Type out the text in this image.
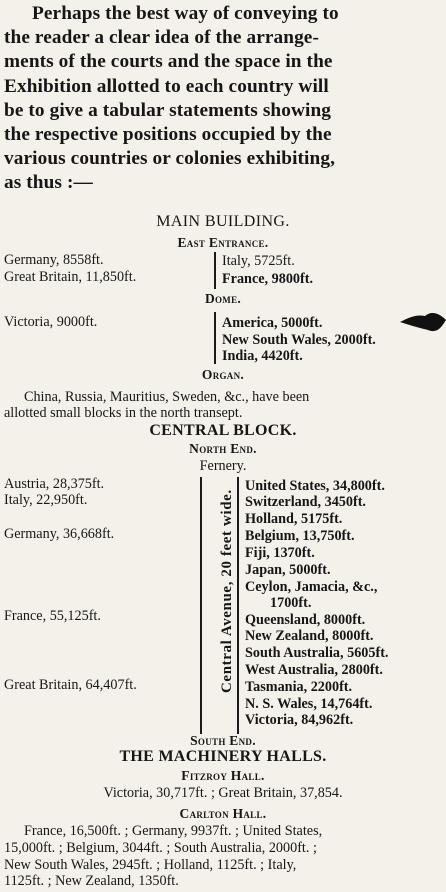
Perhaps the best way of conveying to
the reader a clear idea of the arrange-
ments of the courts and the space in the
Exhibition allotted to each country will
be to give a tabular statements showing
the respective positions occupied by the
various countries or colonies exhibiting,
as thus :—
MAIN BUILDING.
East Entrance.
Germany, 8558ft.
Great Britain, 11,850ft.
Italy, 5725ft.
France, 9800ft.
Dome.
Victoria, 9000ft.	America, 5000ft.
New South Wales, 2000ft.
India, 4420ft.
Organ.
China, Russia, Mauritius, Sweden, &c., have been
allotted small blocks in the north transept.
CENTRAL BLOCK.
North End.
Fernery.
Central Avenue, 20 feet wide.
Austria, 28,375ft.
Italy, 22,950ft.
Germany, 36,668ft.
France, 55,125ft.
Great Britain, 64,407ft.
United States, 34,800ft.
Switzerland, 3450ft.
Holland, 5175ft.
Belgium, 13,750ft.
Fiji, 1370ft.
Japan, 5000ft.
Ceylon, Jamacia, &c.,
1700ft.
Queensland, 8000ft.
New Zealand, 8000ft.
South Australia, 5605ft.
West Australia, 2800ft.
Tasmania, 2200ft.
N. S. Wales, 14,764ft.
Victoria, 84,962ft.
South End.
THE MACHINERY HALLS.
Fitzroy Hall.
Victoria, 30,717ft. ; Great Britain, 37,854.
Carlton Hall.
France, 16,500ft. ; Germany, 9937ft. ; United States,
15,000ft. ; Belgium, 3044ft. ; South Australia, 2000ft. ;
New South Wales, 2945ft. ; Holland, 1125ft. ; Italy,
1125ft. ; New Zealand, 1350ft.
